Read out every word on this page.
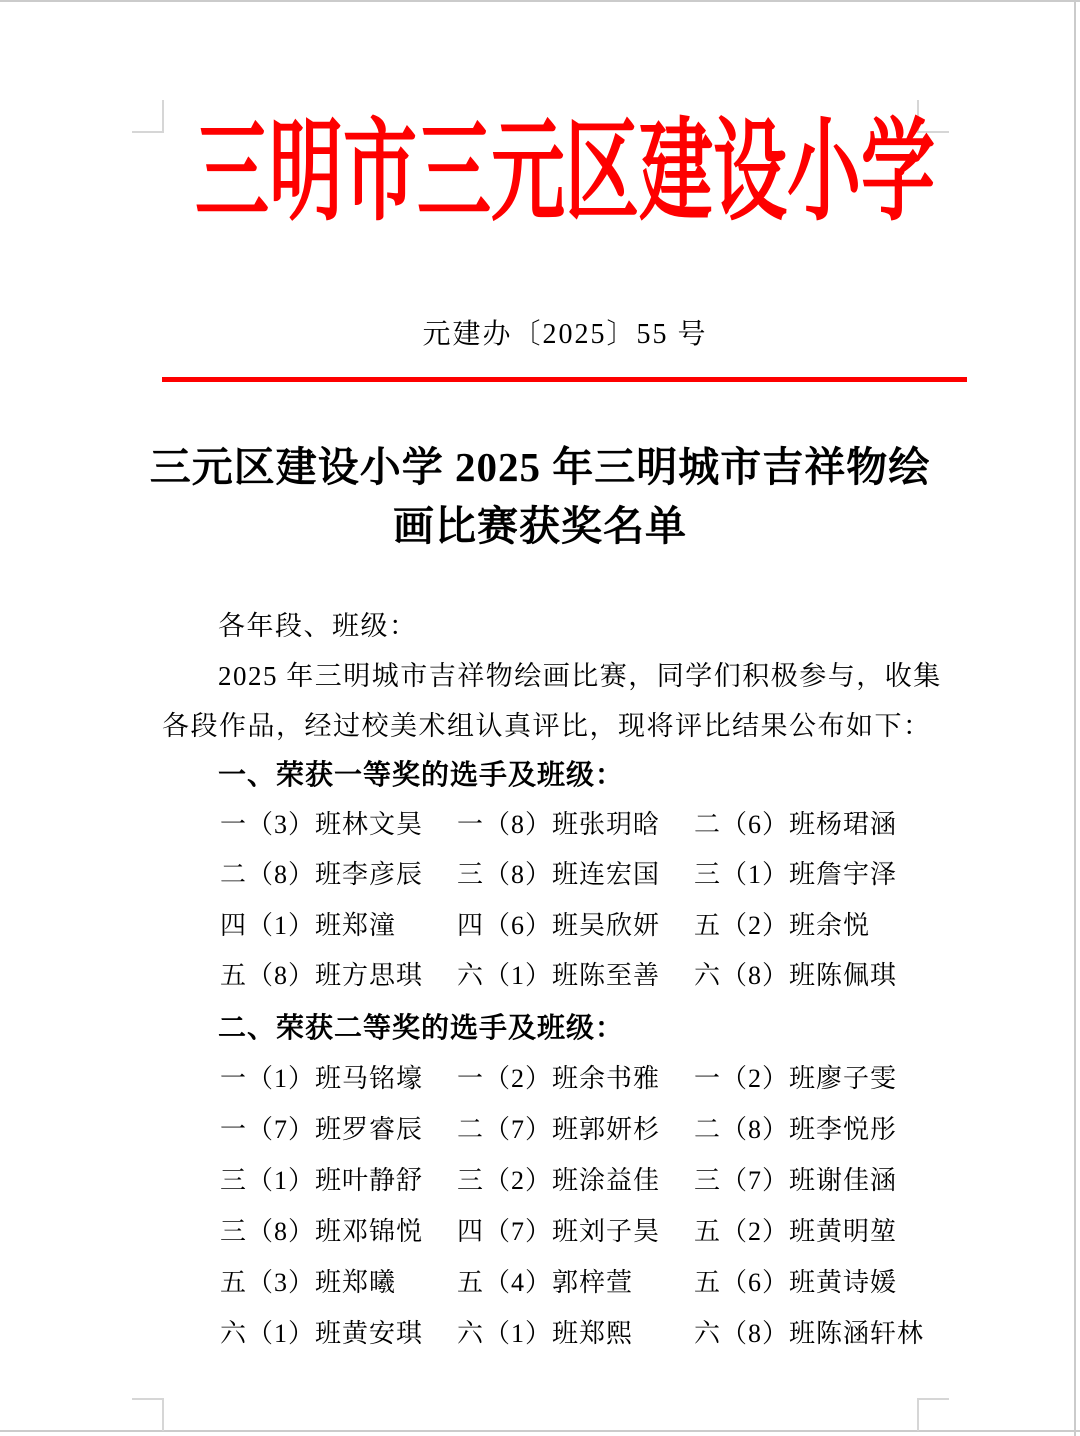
三明市三元区建设小学
元建办〔2025〕55 号
三元区建设小学 2025 年三明城市吉祥物绘
画比赛获奖名单
各年段、班级：
2025 年三明城市吉祥物绘画比赛，同学们积极参与，收集
各段作品，经过校美术组认真评比，现将评比结果公布如下：
一、荣获一等奖的选手及班级：
一（3）班林文昊	一（8）班张玥晗	二（6）班杨珺涵
二（8）班李彦辰	三（8）班连宏国	三（1）班詹宇泽
四（1）班郑潼	四（6）班吴欣妍	五（2）班余悦
五（8）班方思琪	六（1）班陈至善	六（8）班陈佩琪
二、荣获二等奖的选手及班级：
一（1）班马铭壕	一（2）班余书雅	一（2）班廖子雯
一（7）班罗睿辰	二（7）班郭妍杉	二（8）班李悦彤
三（1）班叶静舒	三（2）班涂益佳	三（7）班谢佳涵
三（8）班邓锦悦	四（7）班刘子昊	五（2）班黄明堃
五（3）班郑曦	五（4）郭梓萱	五（6）班黄诗媛
六（1）班黄安琪	六（1）班郑熙	六（8）班陈涵轩林
